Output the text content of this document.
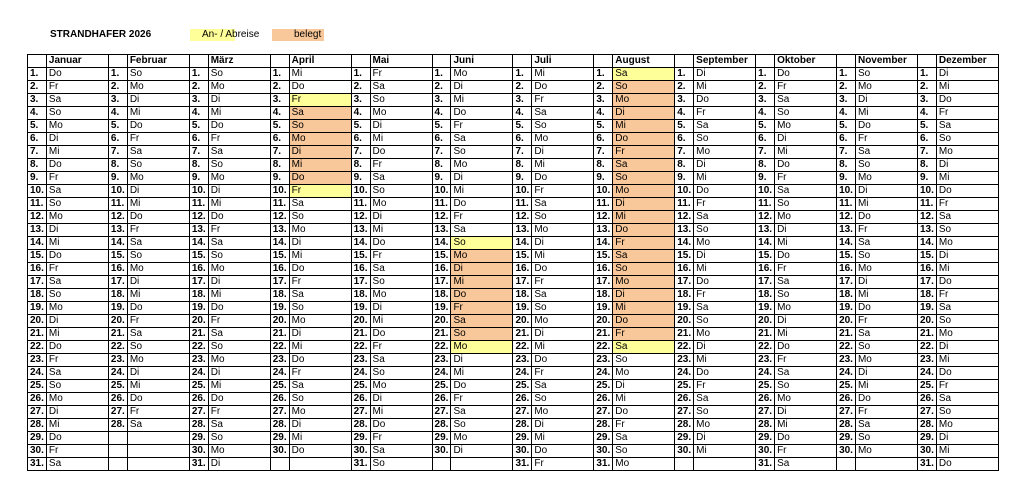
STRANDHAFER 2026	An- / Abreise	belegt
	Januar		Februar		März		April		Mai		Juni		Juli		August		September		Oktober		November		Dezember
1.	Do	1.	So	1.	So	1.	Mi	1.	Fr	1.	Mo	1.	Mi	1.	Sa	1.	Di	1.	Do	1.	So	1.	Di
2.	Fr	2.	Mo	2.	Mo	2.	Do	2.	Sa	2.	Di	2.	Do	2.	So	2.	Mi	2.	Fr	2.	Mo	2.	Mi
3.	Sa	3.	Di	3.	Di	3.	Fr	3.	So	3.	Mi	3.	Fr	3.	Mo	3.	Do	3.	Sa	3.	Di	3.	Do
4.	So	4.	Mi	4.	Mi	4.	Sa	4.	Mo	4.	Do	4.	Sa	4.	Di	4.	Fr	4.	So	4.	Mi	4.	Fr
5.	Mo	5.	Do	5.	Do	5.	So	5.	Di	5.	Fr	5.	So	5.	Mi	5.	Sa	5.	Mo	5.	Do	5.	Sa
6.	Di	6.	Fr	6.	Fr	6.	Mo	6.	Mi	6.	Sa	6.	Mo	6.	Do	6.	So	6.	Di	6.	Fr	6.	So
7.	Mi	7.	Sa	7.	Sa	7.	Di	7.	Do	7.	So	7.	Di	7.	Fr	7.	Mo	7.	Mi	7.	Sa	7.	Mo
8.	Do	8.	So	8.	So	8.	Mi	8.	Fr	8.	Mo	8.	Mi	8.	Sa	8.	Di	8.	Do	8.	So	8.	Di
9.	Fr	9.	Mo	9.	Mo	9.	Do	9.	Sa	9.	Di	9.	Do	9.	So	9.	Mi	9.	Fr	9.	Mo	9.	Mi
10.	Sa	10.	Di	10.	Di	10.	Fr	10.	So	10.	Mi	10.	Fr	10.	Mo	10.	Do	10.	Sa	10.	Di	10.	Do
11.	So	11.	Mi	11.	Mi	11.	Sa	11.	Mo	11.	Do	11.	Sa	11.	Di	11.	Fr	11.	So	11.	Mi	11.	Fr
12.	Mo	12.	Do	12.	Do	12.	So	12.	Di	12.	Fr	12.	So	12.	Mi	12.	Sa	12.	Mo	12.	Do	12.	Sa
13.	Di	13.	Fr	13.	Fr	13.	Mo	13.	Mi	13.	Sa	13.	Mo	13.	Do	13.	So	13.	Di	13.	Fr	13.	So
14.	Mi	14.	Sa	14.	Sa	14.	Di	14.	Do	14.	So	14.	Di	14.	Fr	14.	Mo	14.	Mi	14.	Sa	14.	Mo
15.	Do	15.	So	15.	So	15.	Mi	15.	Fr	15.	Mo	15.	Mi	15.	Sa	15.	Di	15.	Do	15.	So	15.	Di
16.	Fr	16.	Mo	16.	Mo	16.	Do	16.	Sa	16.	Di	16.	Do	16.	So	16.	Mi	16.	Fr	16.	Mo	16.	Mi
17.	Sa	17.	Di	17.	Di	17.	Fr	17.	So	17.	Mi	17.	Fr	17.	Mo	17.	Do	17.	Sa	17.	Di	17.	Do
18.	So	18.	Mi	18.	Mi	18.	Sa	18.	Mo	18.	Do	18.	Sa	18.	Di	18.	Fr	18.	So	18.	Mi	18.	Fr
19.	Mo	19.	Do	19.	Do	19.	So	19.	Di	19.	Fr	19.	So	19.	Mi	19.	Sa	19.	Mo	19.	Do	19.	Sa
20.	Di	20.	Fr	20.	Fr	20.	Mo	20.	Mi	20.	Sa	20.	Mo	20.	Do	20.	So	20.	Di	20.	Fr	20.	So
21.	Mi	21.	Sa	21.	Sa	21.	Di	21.	Do	21.	So	21.	Di	21.	Fr	21.	Mo	21.	Mi	21.	Sa	21.	Mo
22.	Do	22.	So	22.	So	22.	Mi	22.	Fr	22.	Mo	22.	Mi	22.	Sa	22.	Di	22.	Do	22.	So	22.	Di
23.	Fr	23.	Mo	23.	Mo	23.	Do	23.	Sa	23.	Di	23.	Do	23.	So	23.	Mi	23.	Fr	23.	Mo	23.	Mi
24.	Sa	24.	Di	24.	Di	24.	Fr	24.	So	24.	Mi	24.	Fr	24.	Mo	24.	Do	24.	Sa	24.	Di	24.	Do
25.	So	25.	Mi	25.	Mi	25.	Sa	25.	Mo	25.	Do	25.	Sa	25.	Di	25.	Fr	25.	So	25.	Mi	25.	Fr
26.	Mo	26.	Do	26.	Do	26.	So	26.	Di	26.	Fr	26.	So	26.	Mi	26.	Sa	26.	Mo	26.	Do	26.	Sa
27.	Di	27.	Fr	27.	Fr	27.	Mo	27.	Mi	27.	Sa	27.	Mo	27.	Do	27.	So	27.	Di	27.	Fr	27.	So
28.	Mi	28.	Sa	28.	Sa	28.	Di	28.	Do	28.	So	28.	Di	28.	Fr	28.	Mo	28.	Mi	28.	Sa	28.	Mo
29.	Do			29.	So	29.	Mi	29.	Fr	29.	Mo	29.	Mi	29.	Sa	29.	Di	29.	Do	29.	So	29.	Di
30.	Fr			30.	Mo	30.	Do	30.	Sa	30.	Di	30.	Do	30.	So	30.	Mi	30.	Fr	30.	Mo	30.	Mi
31.	Sa			31.	Di			31.	So			31.	Fr	31.	Mo			31.	Sa			31.	Do
